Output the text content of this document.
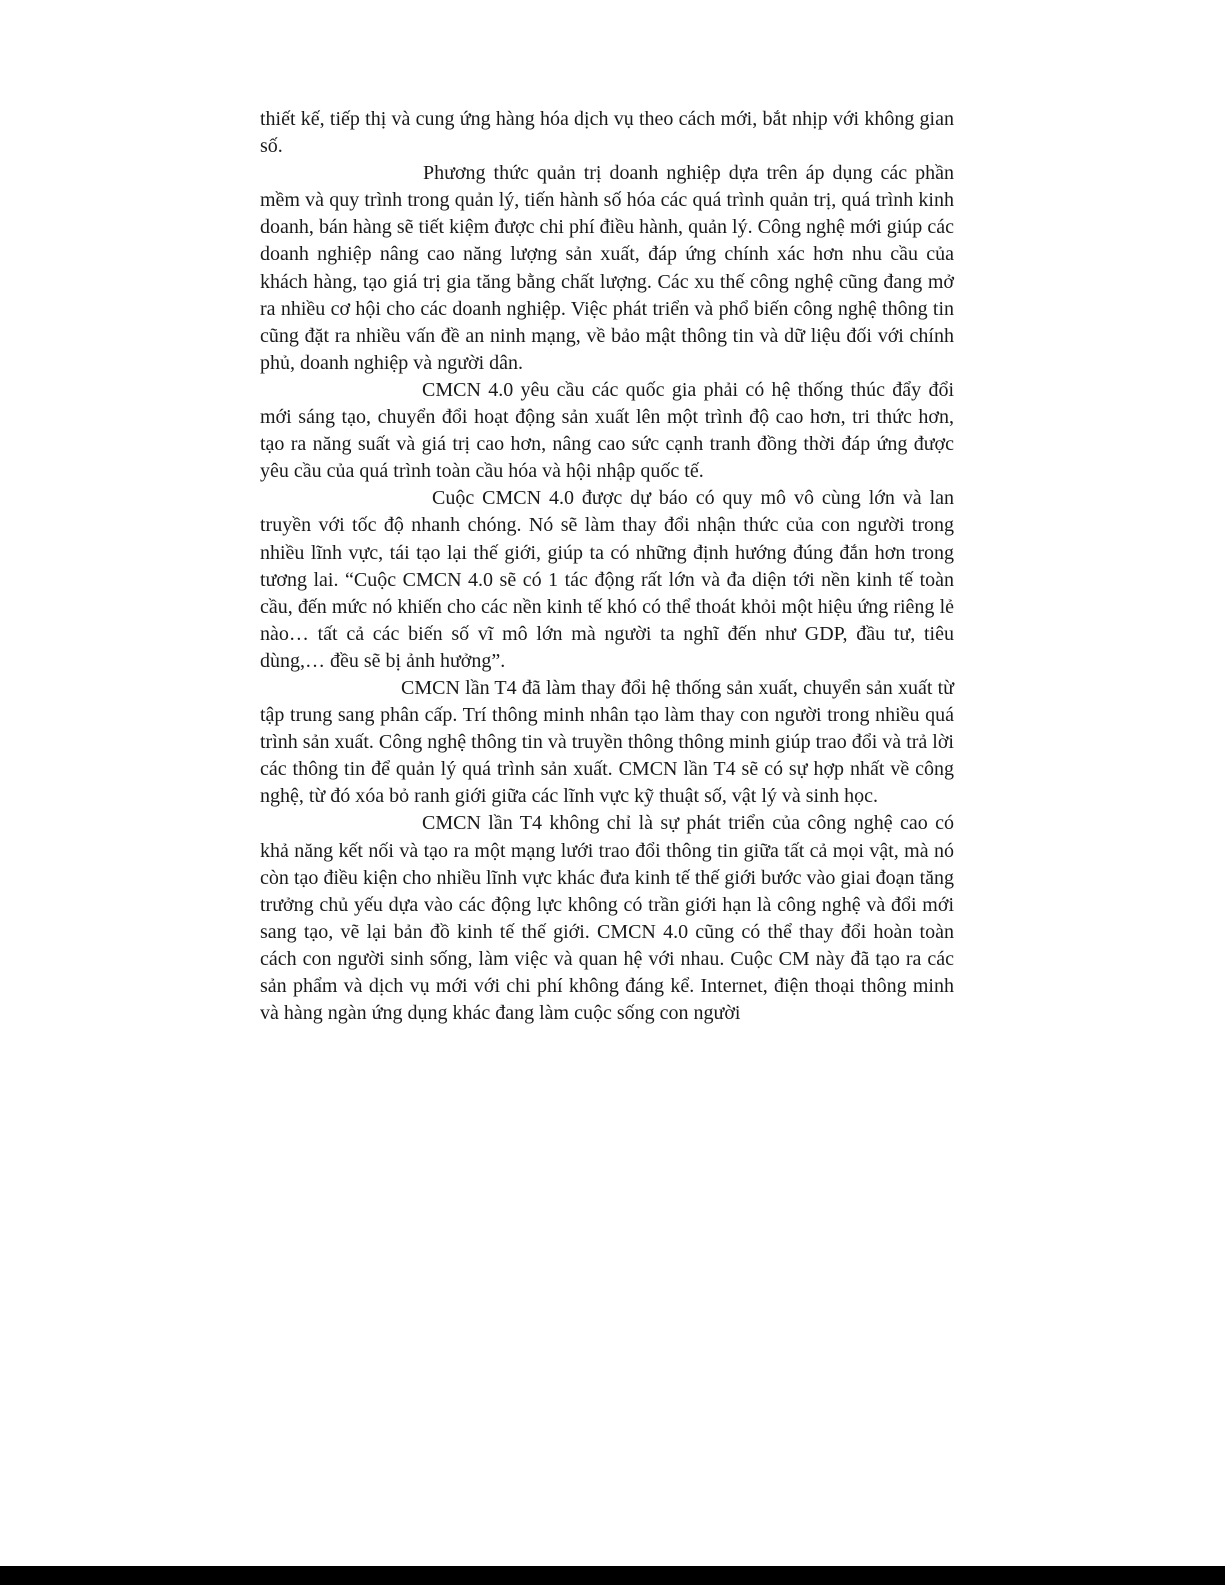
thiết kế, tiếp thị và cung ứng hàng hóa dịch vụ theo cách mới, bắt nhịp với không gian số.

Phương thức quản trị doanh nghiệp dựa trên áp dụng các phần mềm và quy trình trong quản lý, tiến hành số hóa các quá trình quản trị, quá trình kinh doanh, bán hàng sẽ tiết kiệm được chi phí điều hành, quản lý. Công nghệ mới giúp các doanh nghiệp nâng cao năng lượng sản xuất, đáp ứng chính xác hơn nhu cầu của khách hàng, tạo giá trị gia tăng bằng chất lượng. Các xu thế công nghệ cũng đang mở ra nhiều cơ hội cho các doanh nghiệp. Việc phát triển và phổ biến công nghệ thông tin cũng đặt ra nhiều vấn đề an ninh mạng, về bảo mật thông tin và dữ liệu đối với chính phủ, doanh nghiệp và người dân.

CMCN 4.0 yêu cầu các quốc gia phải có hệ thống thúc đẩy đổi mới sáng tạo, chuyển đổi hoạt động sản xuất lên một trình độ cao hơn, tri thức hơn, tạo ra năng suất và giá trị cao hơn, nâng cao sức cạnh tranh đồng thời đáp ứng được yêu cầu của quá trình toàn cầu hóa và hội nhập quốc tế.

Cuộc CMCN 4.0 được dự báo có quy mô vô cùng lớn và lan truyền với tốc độ nhanh chóng. Nó sẽ làm thay đổi nhận thức của con người trong nhiều lĩnh vực, tái tạo lại thế giới, giúp ta có những định hướng đúng đắn hơn trong tương lai. “Cuộc CMCN 4.0 sẽ có 1 tác động rất lớn và đa diện tới nền kinh tế toàn cầu, đến mức nó khiến cho các nền kinh tế khó có thể thoát khỏi một hiệu ứng riêng lẻ nào… tất cả các biến số vĩ mô lớn mà người ta nghĩ đến như GDP, đầu tư, tiêu dùng,… đều sẽ bị ảnh hưởng”.

CMCN lần T4 đã làm thay đổi hệ thống sản xuất, chuyển sản xuất từ tập trung sang phân cấp. Trí thông minh nhân tạo làm thay con người trong nhiều quá trình sản xuất. Công nghệ thông tin và truyền thông thông minh giúp trao đổi và trả lời các thông tin để quản lý quá trình sản xuất. CMCN lần T4 sẽ có sự hợp nhất về công nghệ, từ đó xóa bỏ ranh giới giữa các lĩnh vực kỹ thuật số, vật lý và sinh học.

CMCN lần T4 không chỉ là sự phát triển của công nghệ cao có khả năng kết nối và tạo ra một mạng lưới trao đổi thông tin giữa tất cả mọi vật, mà nó còn tạo điều kiện cho nhiều lĩnh vực khác đưa kinh tế thế giới bước vào giai đoạn tăng trưởng chủ yếu dựa vào các động lực không có trần giới hạn là công nghệ và đổi mới sang tạo, vẽ lại bản đồ kinh tế thế giới. CMCN 4.0 cũng có thể thay đổi hoàn toàn cách con người sinh sống, làm việc và quan hệ với nhau. Cuộc CM này đã tạo ra các sản phẩm và dịch vụ mới với chi phí không đáng kể. Internet, điện thoại thông minh và hàng ngàn ứng dụng khác đang làm cuộc sống con người
